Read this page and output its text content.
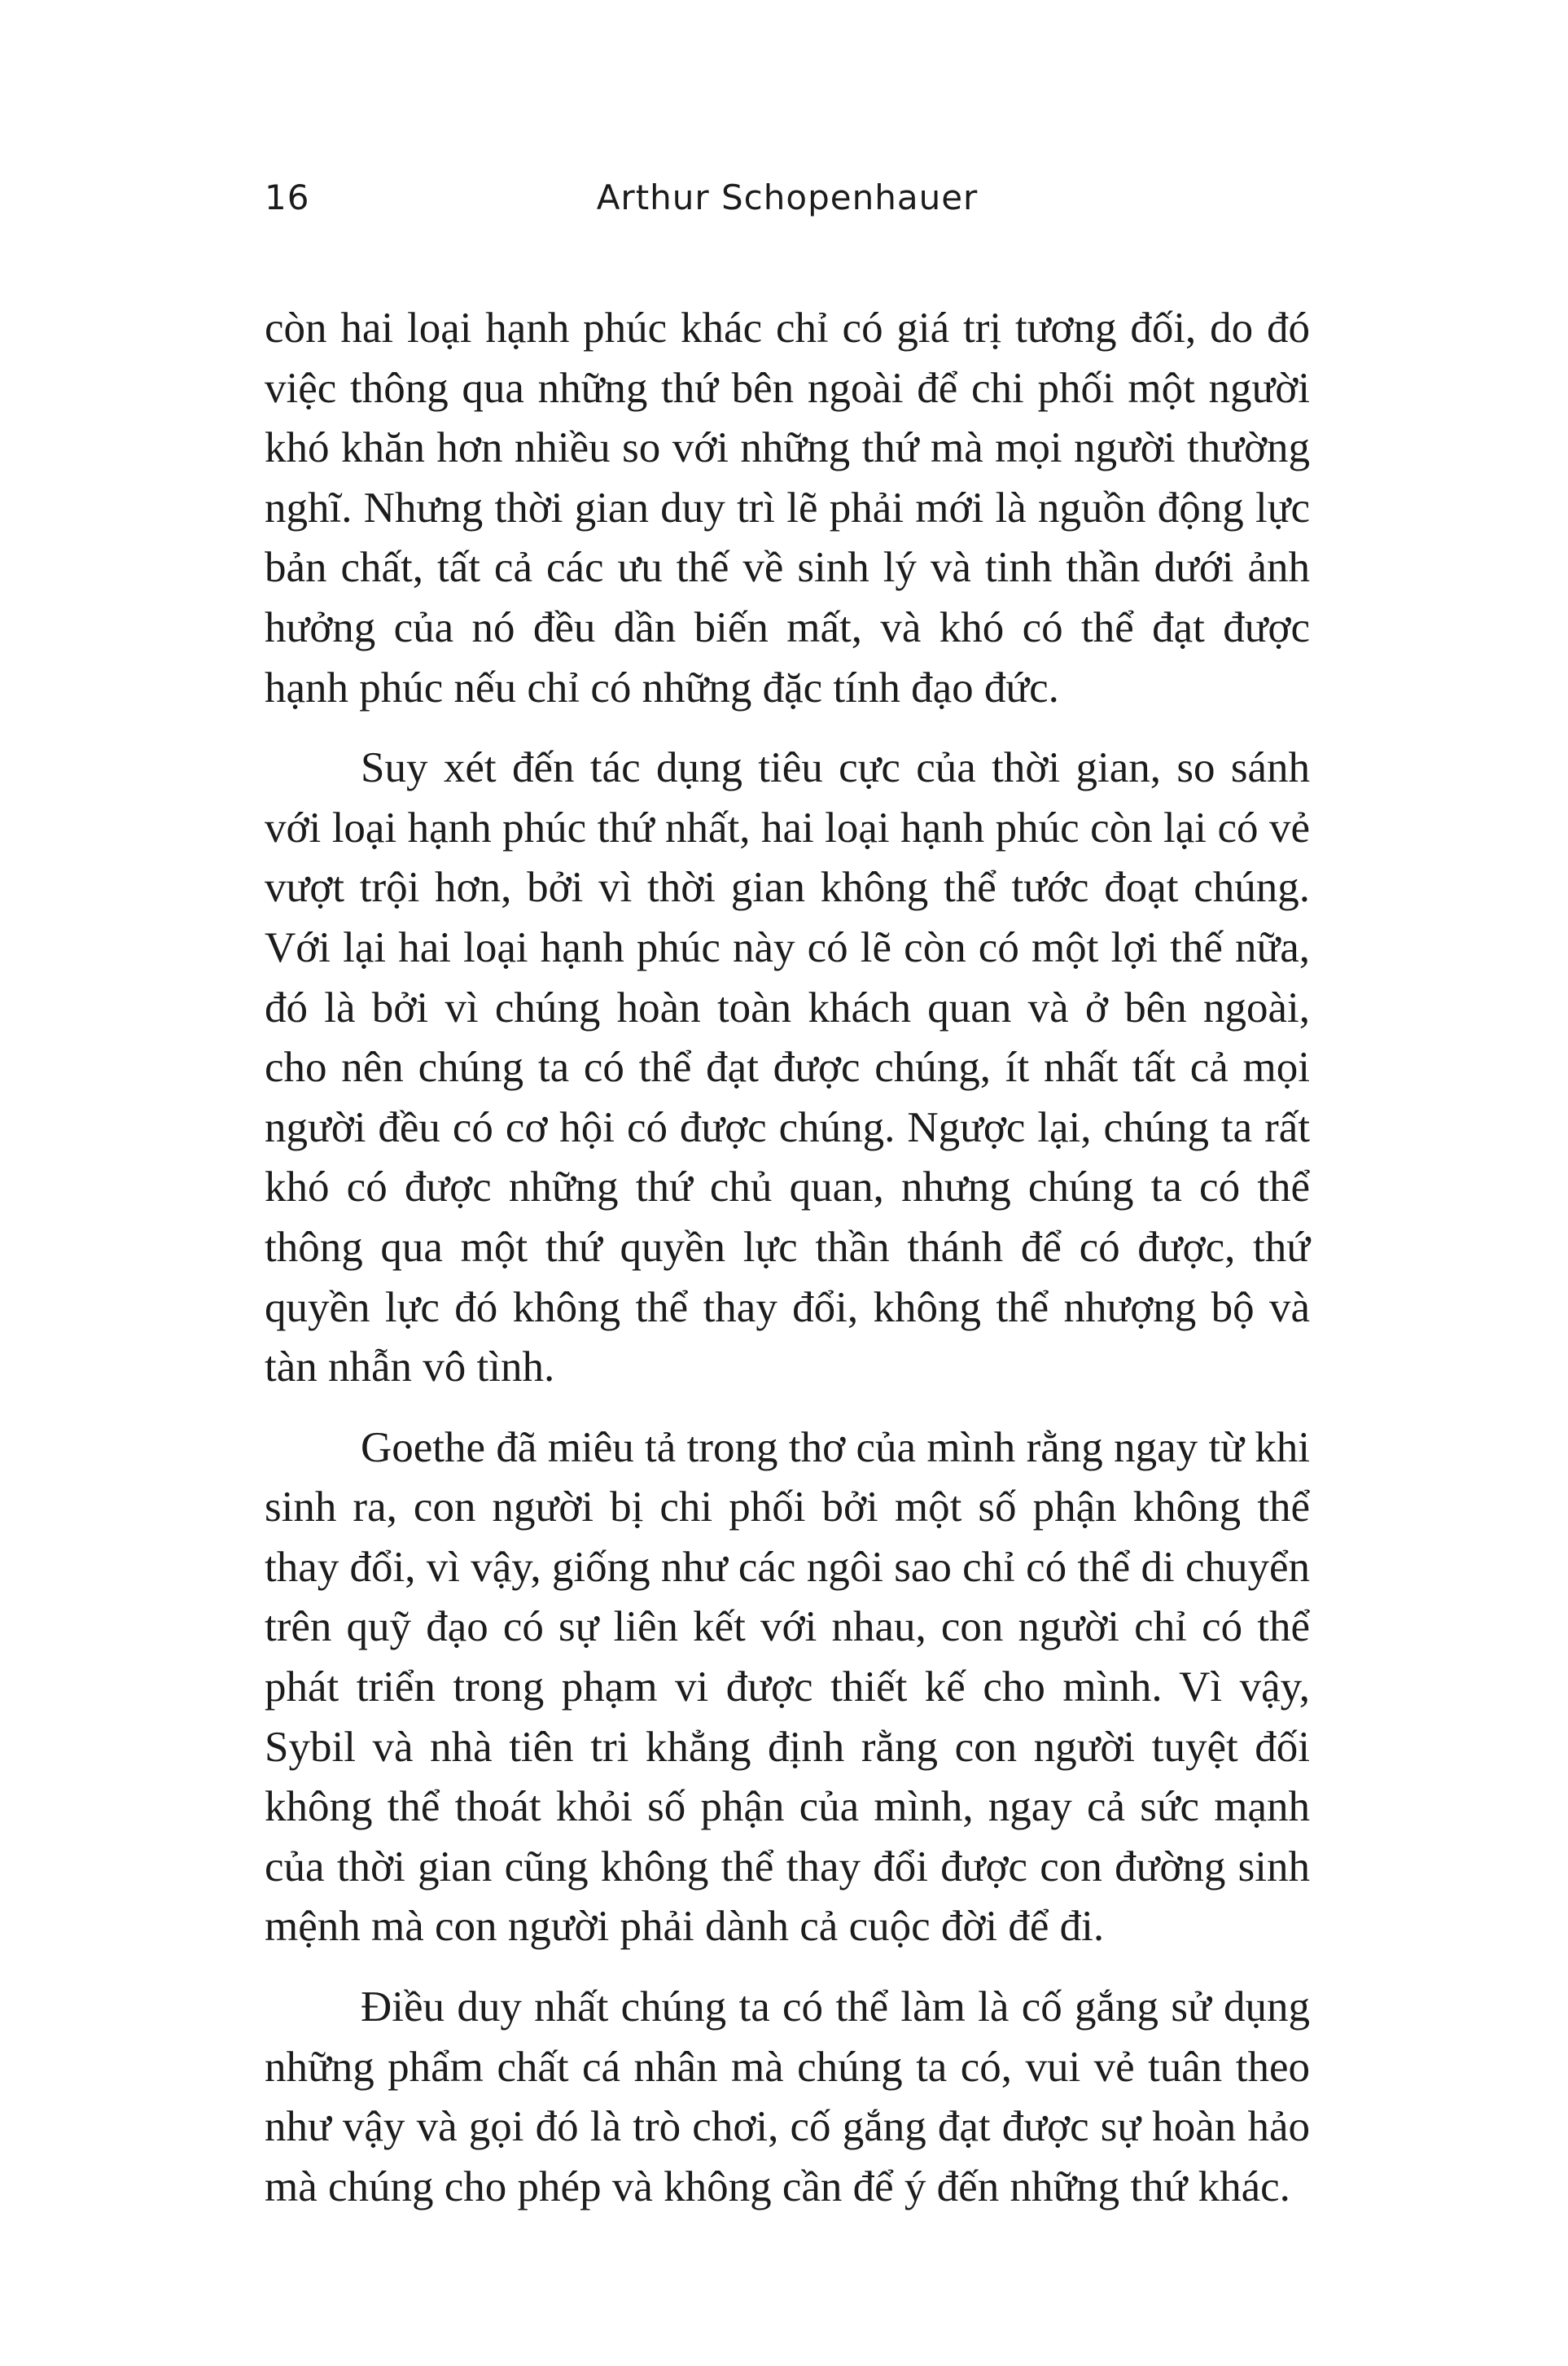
16	Arthur Schopenhauer

còn hai loại hạnh phúc khác chỉ có giá trị tương đối, do đó việc thông qua những thứ bên ngoài để chi phối một người khó khăn hơn nhiều so với những thứ mà mọi người thường nghĩ. Nhưng thời gian duy trì lẽ phải mới là nguồn động lực bản chất, tất cả các ưu thế về sinh lý và tinh thần dưới ảnh hưởng của nó đều dần biến mất, và khó có thể đạt được hạnh phúc nếu chỉ có những đặc tính đạo đức.

Suy xét đến tác dụng tiêu cực của thời gian, so sánh với loại hạnh phúc thứ nhất, hai loại hạnh phúc còn lại có vẻ vượt trội hơn, bởi vì thời gian không thể tước đoạt chúng. Với lại hai loại hạnh phúc này có lẽ còn có một lợi thế nữa, đó là bởi vì chúng hoàn toàn khách quan và ở bên ngoài, cho nên chúng ta có thể đạt được chúng, ít nhất tất cả mọi người đều có cơ hội có được chúng. Ngược lại, chúng ta rất khó có được những thứ chủ quan, nhưng chúng ta có thể thông qua một thứ quyền lực thần thánh để có được, thứ quyền lực đó không thể thay đổi, không thể nhượng bộ và tàn nhẫn vô tình.

Goethe đã miêu tả trong thơ của mình rằng ngay từ khi sinh ra, con người bị chi phối bởi một số phận không thể thay đổi, vì vậy, giống như các ngôi sao chỉ có thể di chuyển trên quỹ đạo có sự liên kết với nhau, con người chỉ có thể phát triển trong phạm vi được thiết kế cho mình. Vì vậy, Sybil và nhà tiên tri khẳng định rằng con người tuyệt đối không thể thoát khỏi số phận của mình, ngay cả sức mạnh của thời gian cũng không thể thay đổi được con đường sinh mệnh mà con người phải dành cả cuộc đời để đi.

Điều duy nhất chúng ta có thể làm là cố gắng sử dụng những phẩm chất cá nhân mà chúng ta có, vui vẻ tuân theo như vậy và gọi đó là trò chơi, cố gắng đạt được sự hoàn hảo mà chúng cho phép và không cần để ý đến những thứ khác.
